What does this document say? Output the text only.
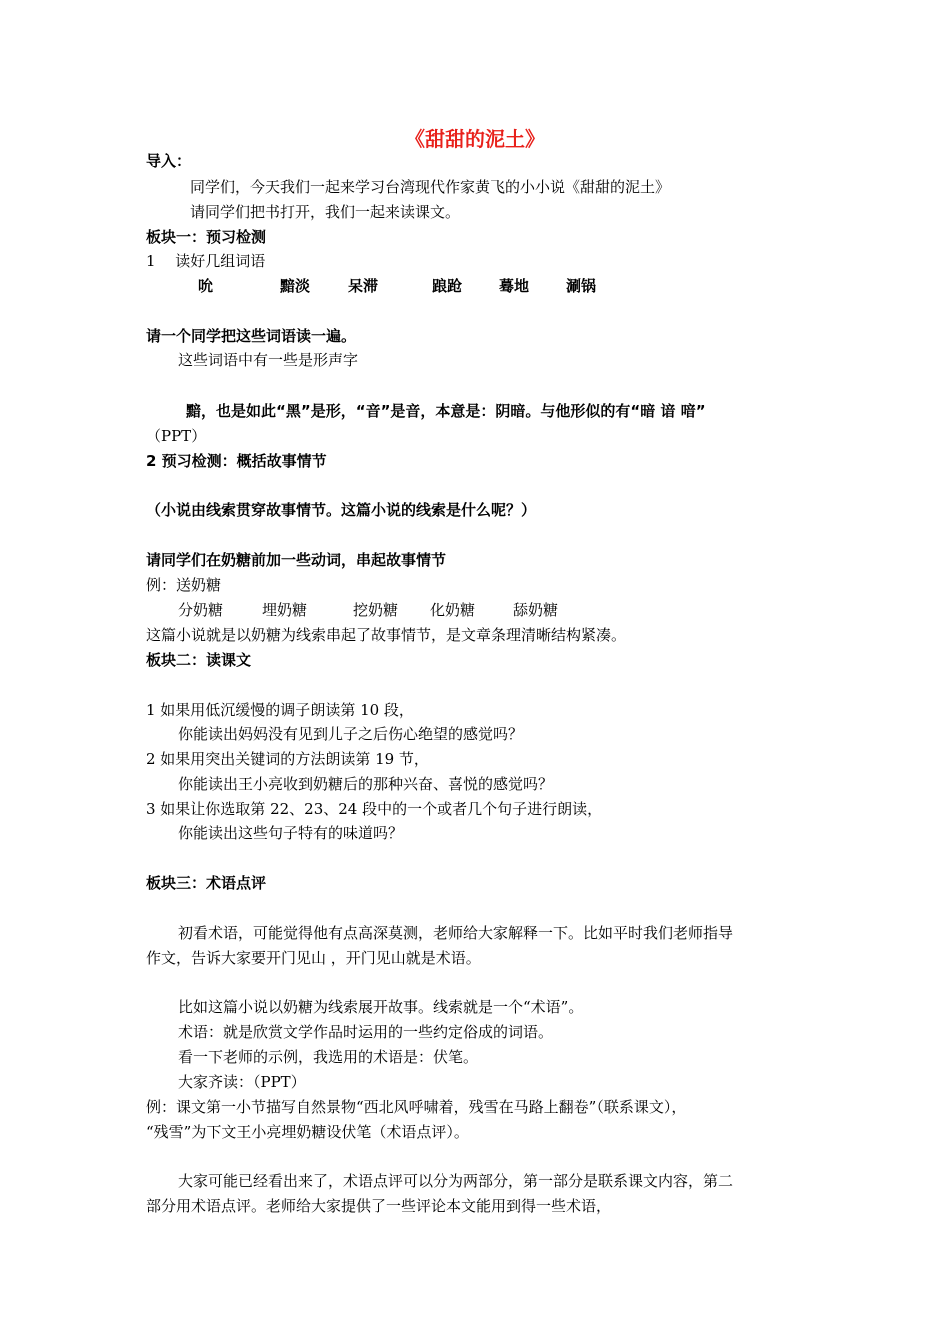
《甜甜的泥土》
导入：
同学们，今天我们一起来学习台湾现代作家黄飞的小小说《甜甜的泥土》
请同学们把书打开，我们一起来读课文。
板块一：预习检测
1　 读好几组词语
吮	黯淡	呆滞	踉跄 蓦地 涮锅
请一个同学把这些词语读一遍。
这些词语中有一些是形声字
黯，也是如此“黑”是形，“音”是音，本意是：阴暗。与他形似的有“暗 谙 喑”
（PPT）
2 预习检测：概括故事情节
（小说由线索贯穿故事情节。这篇小说的线索是什么呢？）
请同学们在奶糖前加一些动词，串起故事情节
例：送奶糖
分奶糖	埋奶糖	挖奶糖 化奶糖	舔奶糖
这篇小说就是以奶糖为线索串起了故事情节，是文章条理清晰结构紧凑。
板块二：读课文
1 如果用低沉缓慢的调子朗读第 10 段，
你能读出妈妈没有见到儿子之后伤心绝望的感觉吗？
2 如果用突出关键词的方法朗读第 19 节，
你能读出王小亮收到奶糖后的那种兴奋、喜悦的感觉吗？
3 如果让你选取第 22、23、24 段中的一个或者几个句子进行朗读，
你能读出这些句子特有的味道吗？
板块三：术语点评
初看术语，可能觉得他有点高深莫测，老师给大家解释一下。比如平时我们老师指导
作文，告诉大家要开门见山 ，开门见山就是术语。
比如这篇小说以奶糖为线索展开故事。线索就是一个“术语”。
术语：就是欣赏文学作品时运用的一些约定俗成的词语。
看一下老师的示例，我选用的术语是：伏笔。
大家齐读：（PPT）
例：课文第一小节描写自然景物“西北风呼啸着，残雪在马路上翻卷”（联系课文），
“残雪”为下文王小亮埋奶糖设伏笔（术语点评）。
大家可能已经看出来了，术语点评可以分为两部分，第一部分是联系课文内容，第二
部分用术语点评。老师给大家提供了一些评论本文能用到得一些术语，
